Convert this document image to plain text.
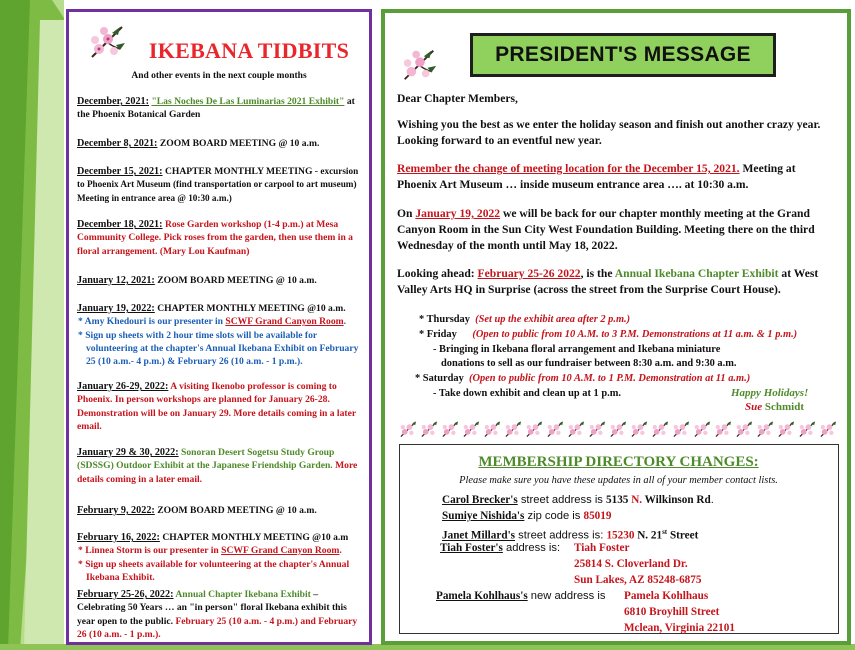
IKEBANA TIDBITS
And other events in the next couple months
December, 2021: "Las Noches De Las Luminarias 2021 Exhibit" at the Phoenix Botanical Garden
December 8, 2021: ZOOM BOARD MEETING @ 10 a.m.
December 15, 2021: CHAPTER MONTHLY MEETING - excursion to Phoenix Art Museum (find transportation or carpool to art museum) Meeting in entrance area @ 10:30 a.m.)
December 18, 2021: Rose Garden workshop (1-4 p.m.) at Mesa Community College. Pick roses from the garden, then use them in a floral arrangement. (Mary Lou Kaufman)
January 12, 2021: ZOOM BOARD MEETING @ 10 a.m.
January 19, 2022: CHAPTER MONTHLY MEETING @10 a.m.
* Amy Khedouri is our presenter in SCWF Grand Canyon Room.
* Sign up sheets with 2 hour time slots will be available for volunteering at the chapter's Annual Ikebana Exhibit on February 25 (10 a.m.- 4 p.m.) & February 26 (10 a.m. - 1 p.m.).
January 26-29, 2022: A visiting Ikenobo professor is coming to Phoenix. In person workshops are planned for January 26-28. Demonstration will be on January 29. More details coming in a later email.
January 29 & 30, 2022: Sonoran Desert Sogetsu Study Group (SDSSG) Outdoor Exhibit at the Japanese Friendship Garden. More details coming in a later email.
February 9, 2022: ZOOM BOARD MEETING @ 10 a.m.
February 16, 2022: CHAPTER MONTHLY MEETING @10 a.m
* Linnea Storm is our presenter in SCWF Grand Canyon Room.
* Sign up sheets available for volunteering at the chapter's Annual Ikebana Exhibit.
February 25-26, 2022: Annual Chapter Ikebana Exhibit – Celebrating 50 Years … an "in person" floral Ikebana exhibit this year open to the public. February 25 (10 a.m. - 4 p.m.) and February 26 (10 a.m. - 1 p.m.).
PRESIDENT'S MESSAGE
Dear Chapter Members,
Wishing you the best as we enter the holiday season and finish out another crazy year. Looking forward to an eventful new year.
Remember the change of meeting location for the December 15, 2021. Meeting at Phoenix Art Museum … inside museum entrance area …. at 10:30 a.m.
On January 19, 2022 we will be back for our chapter monthly meeting at the Grand Canyon Room in the Sun City West Foundation Building. Meeting there on the third Wednesday of the month until May 18, 2022.
Looking ahead: February 25-26 2022, is the Annual Ikebana Chapter Exhibit at West Valley Arts HQ in Surprise (across the street from the Surprise Court House).
* Thursday (Set up the exhibit area after 2 p.m.)
* Friday (Open to public from 10 A.M. to 3 P.M. Demonstrations at 11 a.m. & 1 p.m.)
- Bringing in Ikebana floral arrangement and Ikebana miniature
donations to sell as our fundraiser between 8:30 a.m. and 9:30 a.m.
* Saturday (Open to public from 10 A.M. to 1 P.M. Demonstration at 11 a.m.)
- Take down exhibit and clean up at 1 p.m.	Happy Holidays!
Sue Schmidt
MEMBERSHIP DIRECTORY CHANGES:
Please make sure you have these updates in all of your member contact lists.
Carol Brecker's street address is 5135 N. Wilkinson Rd.
Sumiye Nishida's zip code is 85019
Janet Millard's street address is: 15230 N. 21st Street
Tiah Foster's address is: Tiah Foster
25814 S. Cloverland Dr.
Sun Lakes, AZ 85248-6875
Pamela Kohlhaus's new address is Pamela Kohlhaus
6810 Broyhill Street
Mclean, Virginia 22101
